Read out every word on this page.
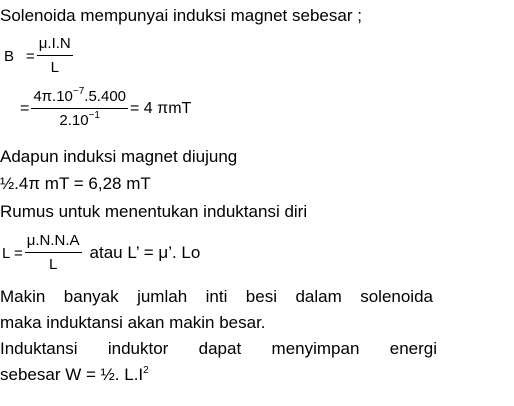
Solenoida mempunyai induksi magnet sebesar ;
$B = \frac{\mu.I.N}{L}$
= $\frac{4\pi.10^{-7}.5.400}{2.10^{-1}} = 4$ πmT
Adapun induksi magnet diujung
½.4π mT = 6,28 mT
Rumus untuk menentukan induktansi diri
$L = \frac{\mu.N.N.A}{L}$ atau L’ = μ’. Lo
Makin banyak jumlah inti besi dalam solenoida
maka induktansi akan makin besar.
Induktansi induktor dapat menyimpan energi
sebesar W = ½. $L.I^2$
